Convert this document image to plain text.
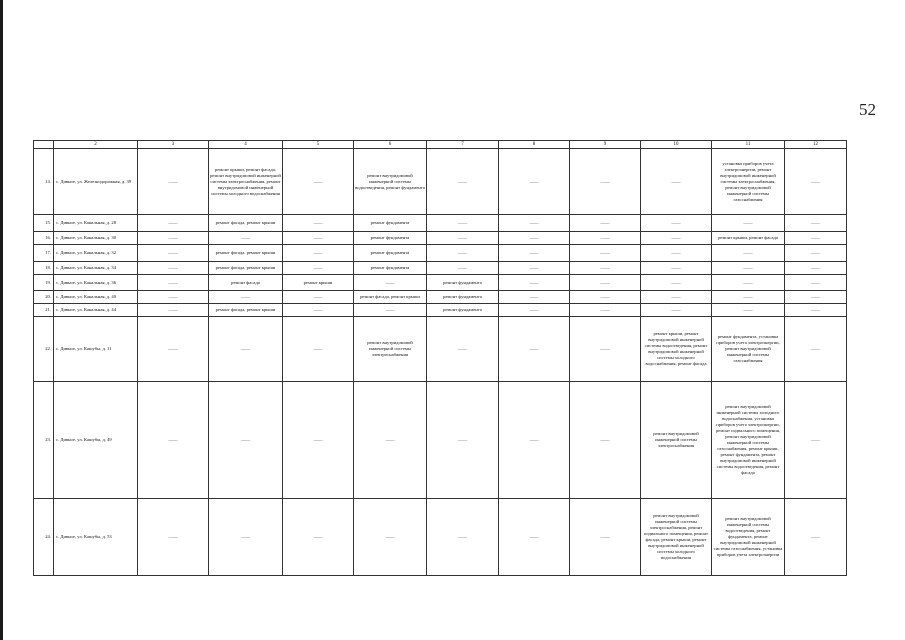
52
	2	3	4	5	6	7	8	9	10	11	12
14.	с. Дивное, ул. Железнодорожная, д. 39	——	ремонт крыши, ремонт фасада, ремонт внутридомовой инженерной системы электроснабжения, ремонт внутридомовой инженерной системы холодного водоснабжения	——	ремонт внутридомовой инженерной системы водоотведения, ремонт фундамента	——	——	——	——	установка приборов учета электроэнергии, ремонт внутридомовой инженерной системы электроснабжения, ремонт внутридомовой инженерной системы газоснабжения	——
15.	с. Дивное, ул. Канальная, д. 28	——	ремонт фасада, ремонт крыши	——	ремонт фундамента	——	——	——	——	——	——
16.	с. Дивное, ул. Канальная, д. 30	——	——	——	ремонт фундамента	——	——	——	——	ремонт крыши, ремонт фасада	——
17.	с. Дивное, ул. Канальная, д. 32	——	ремонт фасада, ремонт крыши	——	ремонт фундамента	——	——	——	——	——	——
18.	с. Дивное, ул. Канальная, д. 34	——	ремонт фасада, ремонт крыши	——	ремонт фундамента	——	——	——	——	——	——
19.	с. Дивное, ул. Канальная, д. 36	——	ремонт фасада	ремонт крыши	——	ремонт фундамента	——	——	——	——	——
20.	с. Дивное, ул. Канальная, д. 40	——	——	——	ремонт фасада, ремонт крыши	ремонт фундамента	——	——	——	——	——
21.	с. Дивное, ул. Канальная, д. 44	——	ремонт фасада, ремонт крыши	——	——	ремонт фундамента	——	——	——	——	——
22.	с. Дивное, ул. Кашубы, д. 11	——	——	——	ремонт внутридомовой инженерной системы электроснабжения	——	——	——	ремонт крыши, ремонт внутридомовой инженерной системы водоотведения, ремонт внутридомовой инженерной системы холодного водоснабжения, ремонт фасада	ремонт фундамента, установка приборов учета электроэнергии, ремонт внутридомовой инженерной системы газоснабжения	——
23.	с. Дивное, ул. Кашубы, д. 49	——	——	——	——	——	——	——	ремонт внутридомовой инженерной системы электроснабжения	ремонт внутридомовой инженерной системы холодного водоснабжения, установка приборов учета электроэнергии, ремонт подвального помещения, ремонт внутридомовой инженерной системы газоснабжения, ремонт крыши, ремонт фундамента, ремонт внутридомовой инженерной системы водоотведения, ремонт фасада	——
24.	с. Дивное, ул. Кашубы, д. 53	——	——	——	——	——	——	——	ремонт внутридомовой инженерной системы электроснабжения, ремонт подвального помещения, ремонт фасада, ремонт крыши, ремонт внутридомовой инженерной системы холодного водоснабжения	ремонт внутридомовой инженерной системы водоотведения, ремонт фундамента, ремонт внутридомовой инженерной системы газоснабжения, установка приборов учета электроэнергии	——
